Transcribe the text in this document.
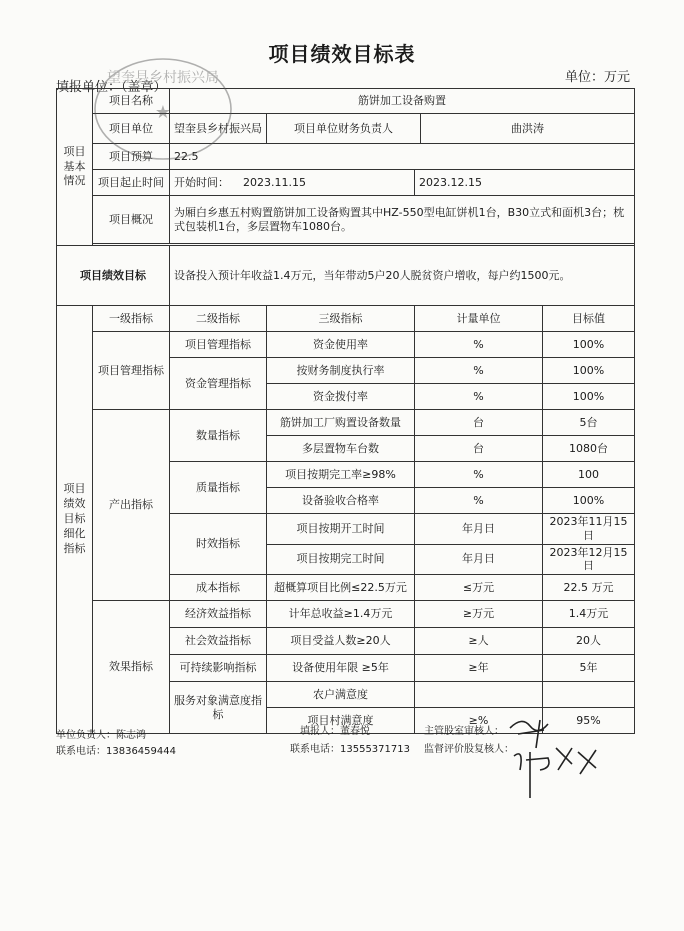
项目绩效目标表
填报单位：（盖章）
单位：万元
项目基本情况	项目名称	筋饼加工设备购置				
	项目单位	望奎县乡村振兴局	项目单位财务负责人		曲洪涛	
	项目预算	22.5				
	项目起止时间	开始时间： 2023.11.15		2023.12.15		
	项目概况	为厢白乡惠五村购置筋饼加工设备购置其中HZ-550型电缸饼机1台，B30立式和面机3台；枕式包装机1台，多层置物车1080台。				

项目绩效目标		设备投入预计年收益1.4万元，当年带动5户20人脱贫资户增收，每户约1500元。				
项目绩效目标细化指标	一级指标	二级指标	三级指标	计量单位		目标值
	项目管理指标	项目管理指标	资金使用率	%		100%
		资金管理指标	按财务制度执行率	%		100%
			资金拨付率	%		100%
	产出指标	数量指标	筋饼加工厂购置设备数量	台		5台
			多层置物车台数	台		1080台
		质量指标	项目按期完工率≥98%	%		100
			设备验收合格率	%		100%
		时效指标	项目按期开工时间	年月日		2023年11月15日
			项目按期完工时间	年月日		2023年12月15日
		成本指标	超概算项目比例≤22.5万元	≤万元		22.5 万元
	效果指标	经济效益指标	计年总收益≥1.4万元	≥万元		1.4万元
		社会效益指标	项目受益人数≥20人	≥人		20人
		可持续影响指标	设备使用年限 ≥5年	≥年		5年
		服务对象满意度指标	农户满意度			
			项目村满意度	≥%		95%
单位负责人：陈志鸿
联系电话：13836459444
填报人：董春悦
联系电话：13555371713
主管股室审核人：
监督评价股复核人：
望奎县乡村振兴局
★
